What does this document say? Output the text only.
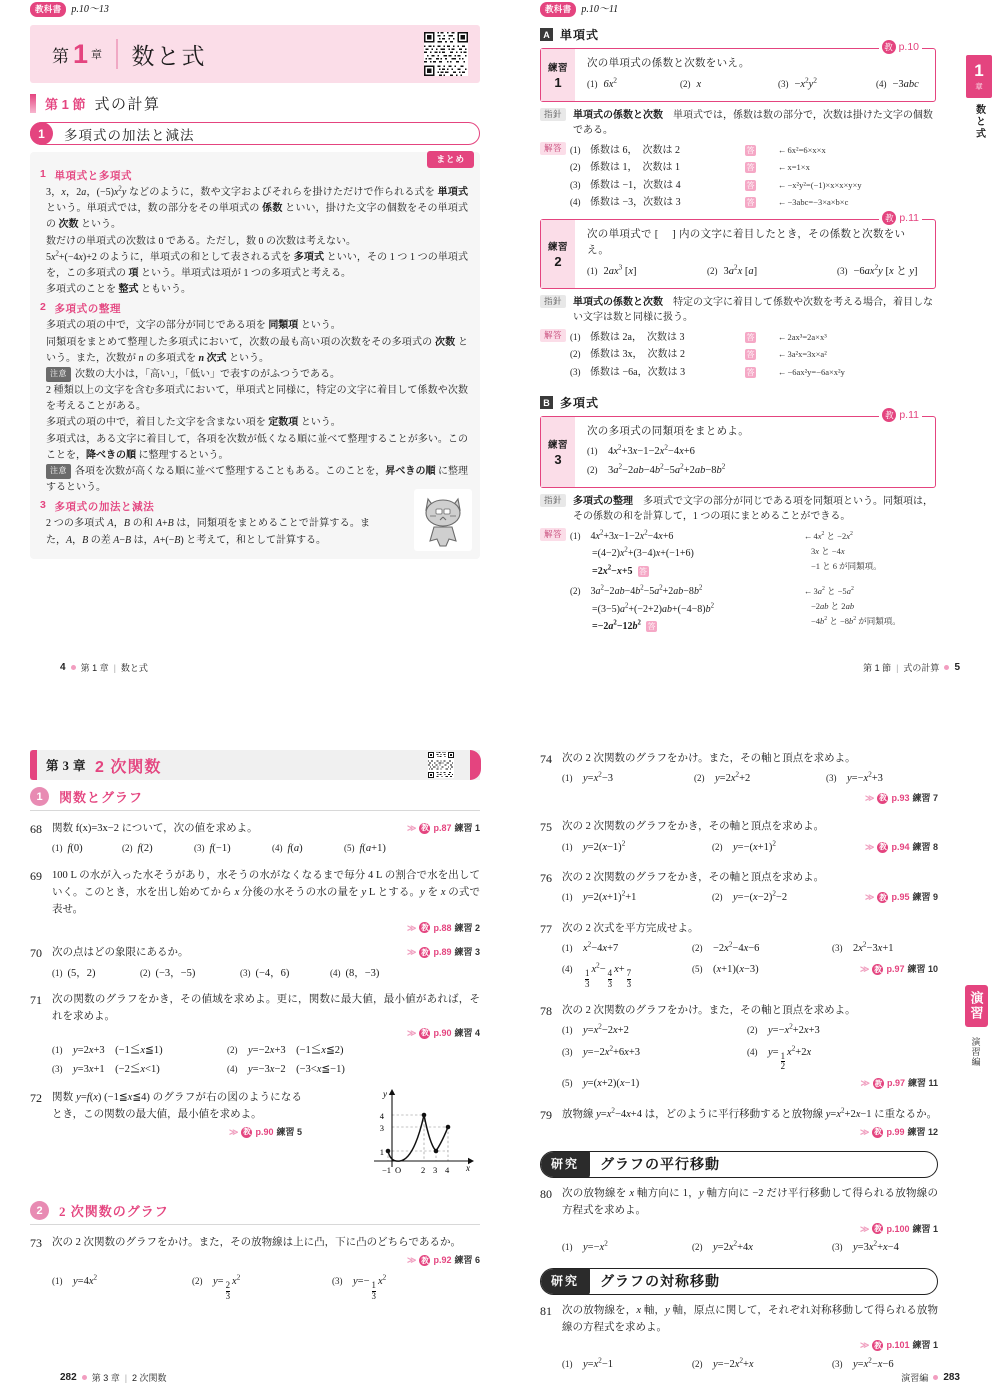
教科書	p.10〜13
第 1 章 数と式
第 1 節 式の計算
1	多項式の加法と減法
まとめ
1 単項式と多項式

3，x，2a，$(-5)x^2y$ などのように，数や文字およびそれらを掛けただけで作られる式を 単項式 という。単項式では，数の部分をその単項式の 係数 といい，掛けた文字の個数をその単項式の 次数 という。

数だけの単項式の次数は 0 である。ただし，数 0 の次数は考えない。

$5x^2+(-4x)+2$ のように，単項式の和として表される式を 多項式 といい，その 1 つ 1 つの単項式を，この多項式の 項 という。単項式は項が 1 つの多項式と考える。

多項式のことを 整式 ともいう。

2 多項式の整理

多項式の項の中で，文字の部分が同じである項を 同類項 という。

同類項をまとめて整理した多項式において，次数の最も高い項の次数をその多項式の 次数 という。また，次数が n の多項式を n 次式 という。

注意 次数の大小は，「高い」，「低い」で表すのがふつうである。

2 種類以上の文字を含む多項式において，単項式と同様に，特定の文字に着目して係数や次数を考えることがある。

多項式の項の中で，着目した文字を含まない項を 定数項 という。

多項式は，ある文字に着目して，各項を次数が低くなる順に並べて整理することが多い。このことを，降べきの順 に整理するという。

注意 各項を次数が高くなる順に並べて整理することもある。このことを，昇べきの順 に整理するという。

3 多項式の加法と減法

2 つの多項式 A，B の和 A+B は，同類項をまとめることで計算する。また，A，B の差 A−B は，A+(−B) と考えて，和として計算する。

4 第 1 章 | 数と式
教科書	p.10〜11
1
章
数と式
A 単項式
教 p.10
練習
1
次の単項式の係数と次数をいえ。
(1) $6x^2$	(2) x	$(3) -x^2y^2$	(4) −3abc
指針	単項式の係数と次数　 単項式では，係数は数の部分で，次数は掛けた文字の個数である。
解答 (1) 係数は 6，　次数は 2	答	←6x²=6×x×x
(2) 係数は 1，　次数は 1	答	←x=1×x
(3) 係数は −1，次数は 4	答	←−x²y²=(−1)×x×x×y×y
(4) 係数は −3，次数は 3	答	←−3abc=−3×a×b×c
教 p.11
練習
2
次の単項式で [ 　] 内の文字に着目したとき，その係数と次数をいえ。
(1) $2ax^3$ [x]	(2) $3a^2x$ [a]	$(3) -6ax^2y$ [x と y]
指針	単項式の係数と次数　 特定の文字に着目して係数や次数を考える場合，着目しない文字は数と同様に扱う。
解答 (1) 係数は 2a，　次数は 3	答	←2ax³=2a×x³
(2) 係数は 3x，　次数は 2	答	←3a²x=3x×a²
(3) 係数は −6a，次数は 3	答	←−6ax²y=−6a×x²y
B 多項式
教 p.11
練習
3
次の多項式の同類項をまとめよ。
(1)　$4x^2+3x-1-2x^2-4x+6$
(2)　$3a^2-2ab-4b^2-5a^2+2ab-8b^2$
指針	多項式の整理　 多項式で文字の部分が同じである項を同類項という。同類項は，その係数の和を計算して，1 つの項にまとめることができる。
解答 (1)　$4x^2+3x-1-2x^2-4x+6$
$=(4-2)x^2+(3-4)x+(-1+6)$
$=2x^2-x+5$ 答
$\leftarrow 4x^2$ と $-2x^2$
3x と −4x
−1 と 6 が同類項。
(2)　$3a^2-2ab-4b^2-5a^2+2ab-8b^2$
$=(3-5)a^2+(-2+2)ab+(-4-8)b^2$
$=-2a^2-12b^2$ 答
$\leftarrow 3a^2$ と $-5a^2$
−2ab と 2ab
$-4b^2$ と $-8b^2$ が同類項。
第 1 節 | 式の計算 5
第 3 章 2 次関数
1	関数とグラフ
68 関数 f(x)=3x−2 について，次の値を求めよ。	≫ 教 p.87 練習 1
(1) f(0)	(2) f(2)	(3) f(−1)	(4) f(a)	(5) f(a+1)
69 100 L の水が入った水そうがあり，水そうの水がなくなるまで毎分 4 L の割合で水を出していく。このとき，水を出し始めてから x 分後の水そうの水の量を y L とする。y を x の式で表せ。
≫ 教 p.88 練習 2
70 次の点はどの象限にあるか。	≫ 教 p.89 練習 3
(1) (5，2)	(2) (−3，−5)	(3) (−4，6)	(4) (8，−3)
71 次の関数のグラフをかき，その値域を求めよ。更に，関数に最大値，最小値があれば，それを求めよ。
≫ 教 p.90 練習 4
(1)　 y=2x+3　(−1≦x≦1)	(2)　 y=−2x+3　(−1≦x≦2)
(3)　 y=3x+1　(−2≦x<1)	(4)　 y=−3x−2　(−3<x≦−1)
72 関数 y=f(x) (−1≦x≦4) のグラフが右の図のようになるとき，この関数の最大値，最小値を求めよ。
≫ 教 p.90 練習 5
y
x
1
3
4
−1 O 2 3 4
2	2 次関数のグラフ
73 次の 2 次関数のグラフをかけ。また，その放物線は上に凸，下に凸のどちらであるか。
≫ 教 p.92 練習 6
(1)　 $y=4x^2$	(2)　 $y= \frac{2}{3} x^2$	(3)　 $y=- \frac{1}{3} x^2$
282 第 3 章 | 2 次関数
演習 演習編
74 次の 2 次関数のグラフをかけ。また，その軸と頂点を求めよ。
(1)　 $y=x^2-3$	(2)　 $y=2x^2+2$	(3)　 $y=-x^2+3$
≫ 教 p.93 練習 7
75 次の 2 次関数のグラフをかき，その軸と頂点を求めよ。
(1)　 $y=2(x-1)^2$	(2)　 $y=-(x+1)^2$	≫ 教 p.94 練習 8
76 次の 2 次関数のグラフをかき，その軸と頂点を求めよ。
(1)　 $y=2(x+1)^2+1$	(2)　 $y=-(x-2)^2-2$	≫ 教 p.95 練習 9
77 次の 2 次式を平方完成せよ。
(1)　 $x^2-4x+7$	(2)　$-2x^2-4x-6$	(3)　$2x^2-3x+1$
(4)　
$\frac{1}{3} x^2- \frac{4}{3} x+ \frac{7}{3}$
(5)　(x+1)(x−3)	≫ 教 p.97 練習 10
78 次の 2 次関数のグラフをかけ。また，その軸と頂点を求めよ。
(1)　 $y=x^2-2x+2$	(2)　 $y=-x^2+2x+3$
(3)　 $y=-2x^2+6x+3$	(4)　 $y= \frac{1}{2} x^2+2x$
(5)　 y=(x+2)(x−1)	≫ 教 p.97 練習 11
79 放物線 $y=x^2-4x+4$ は，どのように平行移動すると放物線 $y=x^2+2x-1$ に重なるか。
≫ 教 p.99 練習 12
研究	グラフの平行移動
80 次の放物線を x 軸方向に 1，y 軸方向に −2 だけ平行移動して得られる放物線の方程式を求めよ。
≫ 教 p.100 練習 1
(1)　 $y=-x^2$	(2)　 $y=2x^2+4x$	(3)　 $y=3x^2+x-4$
研究	グラフの対称移動
81 次の放物線を，x 軸，y 軸，原点に関して，それぞれ対称移動して得られる放物線の方程式を求めよ。
≫ 教 p.101 練習 1
(1)　 $y=x^2-1$	(2)　 $y=-2x^2+x$	(3)　 $y=x^2-x-6$
演習編 283
